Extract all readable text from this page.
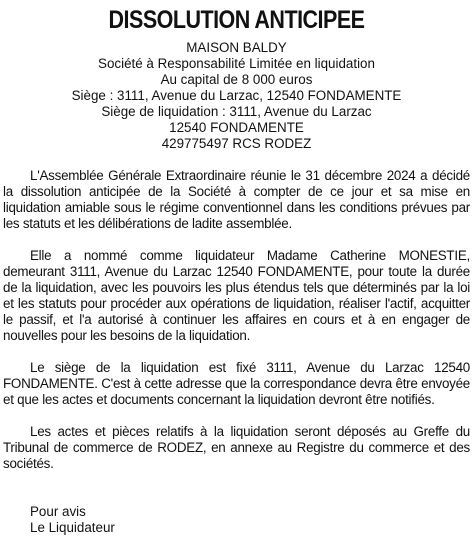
DISSOLUTION ANTICIPEE
MAISON BALDY
Société à Responsabilité Limitée en liquidation
Au capital de 8 000 euros
Siège : 3111, Avenue du Larzac, 12540 FONDAMENTE
Siège de liquidation : 3111, Avenue du Larzac
12540 FONDAMENTE
429775497 RCS RODEZ

L'Assemblée Générale Extraordinaire réunie le 31 décembre 2024 a décidé la dissolution anticipée de la Société à compter de ce jour et sa mise en liquidation amiable sous le régime conventionnel dans les conditions prévues par les statuts et les délibérations de ladite assemblée.

Elle a nommé comme liquidateur Madame Catherine MONESTIE, demeurant 3111, Avenue du Larzac 12540 FONDAMENTE, pour toute la durée de la liquidation, avec les pouvoirs les plus étendus tels que déterminés par la loi et les statuts pour procéder aux opérations de liquidation, réaliser l'actif, acquitter le passif, et l'a autorisé à continuer les affaires en cours et à en engager de nouvelles pour les besoins de la liquidation.

Le siège de la liquidation est fixé 3111, Avenue du Larzac 12540 FONDAMENTE. C'est à cette adresse que la correspondance devra être envoyée et que les actes et documents concernant la liquidation devront être notifiés.

Les actes et pièces relatifs à la liquidation seront déposés au Greffe du Tribunal de commerce de RODEZ, en annexe au Registre du commerce et des sociétés.

Pour avis
Le Liquidateur
